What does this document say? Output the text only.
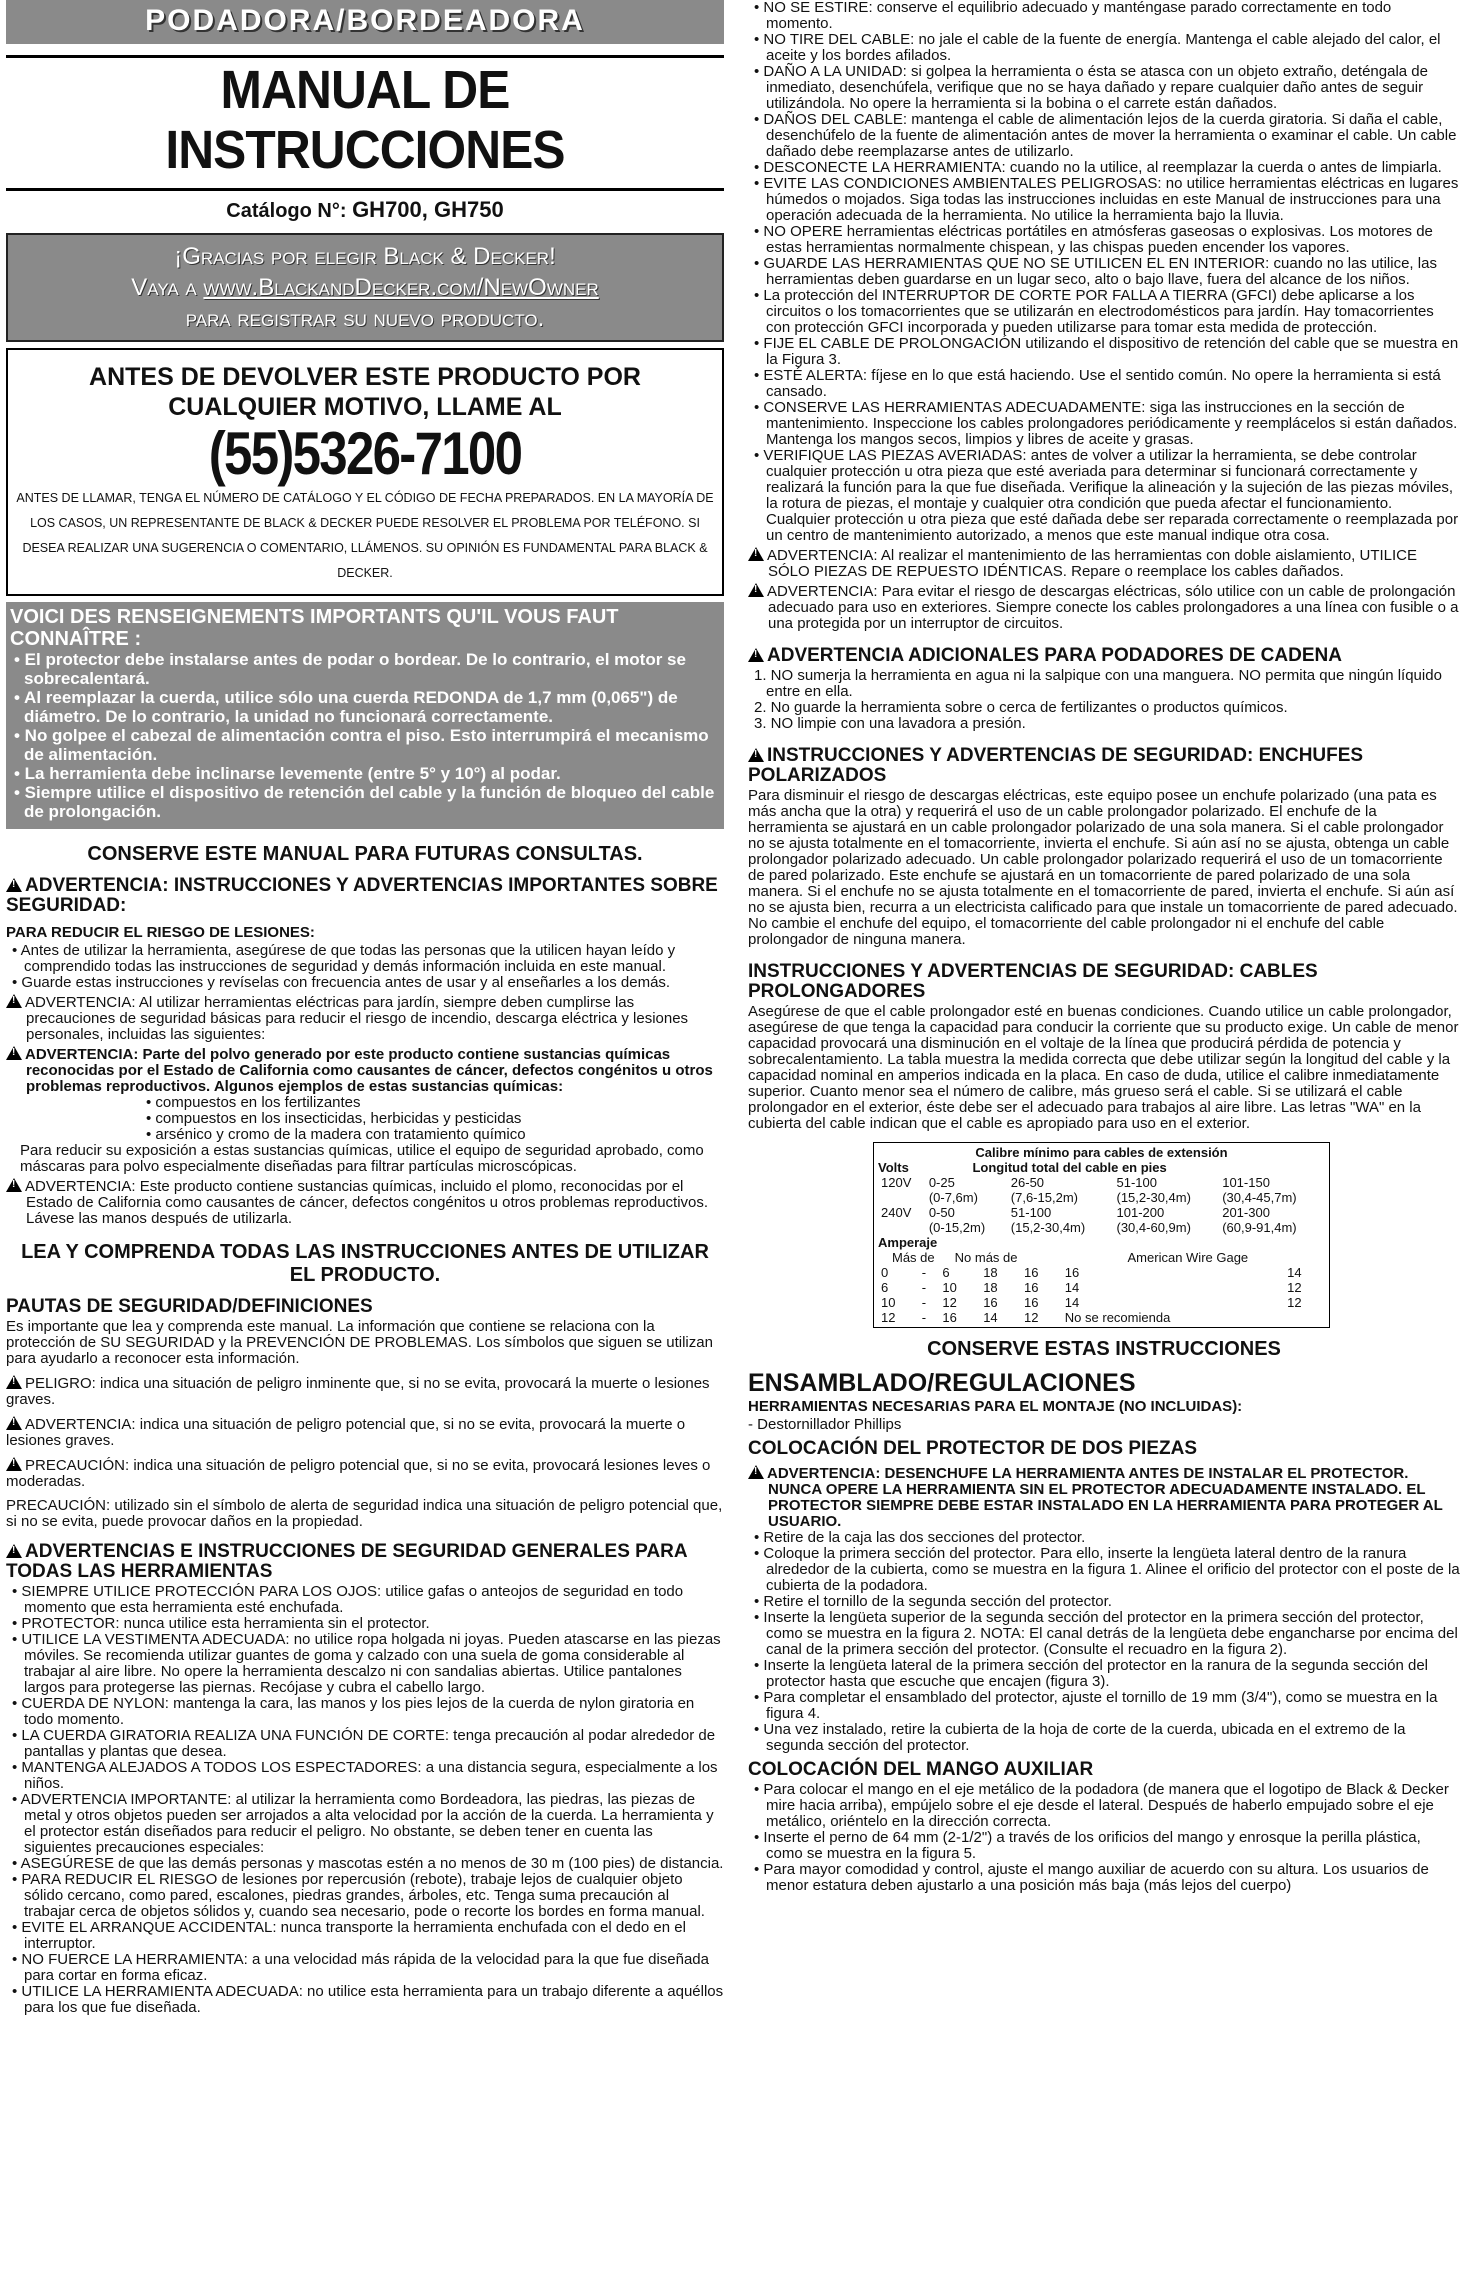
PODADORA/BORDEADORA
MANUAL DE INSTRUCCIONES
Catálogo N°: GH700, GH750
¡Gracias por elegir Black & Decker!
Vaya a www.BlackandDecker.com/NewOwner
para registrar su nuevo producto.
ANTES DE DEVOLVER ESTE PRODUCTO POR CUALQUIER MOTIVO, LLAME AL
(55)5326-7100
ANTES DE LLAMAR, TENGA EL NÚMERO DE CATÁLOGO Y EL CÓDIGO DE FECHA PREPARADOS. EN LA MAYORÍA DE LOS CASOS, UN REPRESENTANTE DE BLACK & DECKER PUEDE RESOLVER EL PROBLEMA POR TELÉFONO. SI DESEA REALIZAR UNA SUGERENCIA O COMENTARIO, LLÁMENOS. SU OPINIÓN ES FUNDAMENTAL PARA BLACK & DECKER.
VOICI DES RENSEIGNEMENTS IMPORTANTS QU'IL VOUS FAUT CONNAÎTRE :
• El protector debe instalarse antes de podar o bordear. De lo contrario, el motor se sobrecalentará.
• Al reemplazar la cuerda, utilice sólo una cuerda REDONDA de 1,7 mm (0,065") de diámetro. De lo contrario, la unidad no funcionará correctamente.
• No golpee el cabezal de alimentación contra el piso. Esto interrumpirá el mecanismo de alimentación.
• La herramienta debe inclinarse levemente (entre 5° y 10°) al podar.
• Siempre utilice el dispositivo de retención del cable y la función de bloqueo del cable de prolongación.
CONSERVE ESTE MANUAL PARA FUTURAS CONSULTAS.
!ADVERTENCIA: INSTRUCCIONES Y ADVERTENCIAS IMPORTANTES SOBRE SEGURIDAD:
PARA REDUCIR EL RIESGO DE LESIONES:
• Antes de utilizar la herramienta, asegúrese de que todas las personas que la utilicen hayan leído y comprendido todas las instrucciones de seguridad y demás información incluida en este manual.
• Guarde estas instrucciones y revíselas con frecuencia antes de usar y al enseñarles a los demás.
!ADVERTENCIA: Al utilizar herramientas eléctricas para jardín, siempre deben cumplirse las precauciones de seguridad básicas para reducir el riesgo de incendio, descarga eléctrica y lesiones personales, incluidas las siguientes:
!ADVERTENCIA: Parte del polvo generado por este producto contiene sustancias químicas reconocidas por el Estado de California como causantes de cáncer, defectos congénitos u otros problemas reproductivos. Algunos ejemplos de estas sustancias químicas:
• compuestos en los fertilizantes
• compuestos en los insecticidas, herbicidas y pesticidas
• arsénico y cromo de la madera con tratamiento químico
Para reducir su exposición a estas sustancias químicas, utilice el equipo de seguridad aprobado, como máscaras para polvo especialmente diseñadas para filtrar partículas microscópicas.
!ADVERTENCIA: Este producto contiene sustancias químicas, incluido el plomo, reconocidas por el Estado de California como causantes de cáncer, defectos congénitos u otros problemas reproductivos. Lávese las manos después de utilizarla.
LEA Y COMPRENDA TODAS LAS INSTRUCCIONES ANTES DE UTILIZAR EL PRODUCTO.
PAUTAS DE SEGURIDAD/DEFINICIONES
Es importante que lea y comprenda este manual. La información que contiene se relaciona con la protección de SU SEGURIDAD y la PREVENCIÓN DE PROBLEMAS. Los símbolos que siguen se utilizan para ayudarlo a reconocer esta información.
!PELIGRO: indica una situación de peligro inminente que, si no se evita, provocará la muerte o lesiones graves.
!ADVERTENCIA: indica una situación de peligro potencial que, si no se evita, provocará la muerte o lesiones graves.
!PRECAUCIÓN: indica una situación de peligro potencial que, si no se evita, provocará lesiones leves o moderadas.
PRECAUCIÓN: utilizado sin el símbolo de alerta de seguridad indica una situación de peligro potencial que, si no se evita, puede provocar daños en la propiedad.
!ADVERTENCIAS E INSTRUCCIONES DE SEGURIDAD GENERALES PARA TODAS LAS HERRAMIENTAS
• SIEMPRE UTILICE PROTECCIÓN PARA LOS OJOS: utilice gafas o anteojos de seguridad en todo momento que esta herramienta esté enchufada.
• PROTECTOR: nunca utilice esta herramienta sin el protector.
• UTILICE LA VESTIMENTA ADECUADA: no utilice ropa holgada ni joyas. Pueden atascarse en las piezas móviles. Se recomienda utilizar guantes de goma y calzado con una suela de goma considerable al trabajar al aire libre. No opere la herramienta descalzo ni con sandalias abiertas. Utilice pantalones largos para protegerse las piernas. Recójase y cubra el cabello largo.
• CUERDA DE NYLON: mantenga la cara, las manos y los pies lejos de la cuerda de nylon giratoria en todo momento.
• LA CUERDA GIRATORIA REALIZA UNA FUNCIÓN DE CORTE: tenga precaución al podar alrededor de pantallas y plantas que desea.
• MANTENGA ALEJADOS A TODOS LOS ESPECTADORES: a una distancia segura, especialmente a los niños.
• ADVERTENCIA IMPORTANTE: al utilizar la herramienta como Bordeadora, las piedras, las piezas de metal y otros objetos pueden ser arrojados a alta velocidad por la acción de la cuerda. La herramienta y el protector están diseñados para reducir el peligro. No obstante, se deben tener en cuenta las siguientes precauciones especiales:
• ASEGÚRESE de que las demás personas y mascotas estén a no menos de 30 m (100 pies) de distancia.
• PARA REDUCIR EL RIESGO de lesiones por repercusión (rebote), trabaje lejos de cualquier objeto sólido cercano, como pared, escalones, piedras grandes, árboles, etc. Tenga suma precaución al trabajar cerca de objetos sólidos y, cuando sea necesario, pode o recorte los bordes en forma manual.
• EVITE EL ARRANQUE ACCIDENTAL: nunca transporte la herramienta enchufada con el dedo en el interruptor.
• NO FUERCE LA HERRAMIENTA: a una velocidad más rápida de la velocidad para la que fue diseñada para cortar en forma eficaz.
• UTILICE LA HERRAMIENTA ADECUADA: no utilice esta herramienta para un trabajo diferente a aquéllos para los que fue diseñada.
• NO SE ESTIRE: conserve el equilibrio adecuado y manténgase parado correctamente en todo momento.
• NO TIRE DEL CABLE: no jale el cable de la fuente de energía. Mantenga el cable alejado del calor, el aceite y los bordes afilados.
• DAÑO A LA UNIDAD: si golpea la herramienta o ésta se atasca con un objeto extraño, deténgala de inmediato, desenchúfela, verifique que no se haya dañado y repare cualquier daño antes de seguir utilizándola. No opere la herramienta si la bobina o el carrete están dañados.
• DAÑOS DEL CABLE: mantenga el cable de alimentación lejos de la cuerda giratoria. Si daña el cable, desenchúfelo de la fuente de alimentación antes de mover la herramienta o examinar el cable. Un cable dañado debe reemplazarse antes de utilizarlo.
• DESCONECTE LA HERRAMIENTA: cuando no la utilice, al reemplazar la cuerda o antes de limpiarla.
• EVITE LAS CONDICIONES AMBIENTALES PELIGROSAS: no utilice herramientas eléctricas en lugares húmedos o mojados. Siga todas las instrucciones incluidas en este Manual de instrucciones para una operación adecuada de la herramienta. No utilice la herramienta bajo la lluvia.
• NO OPERE herramientas eléctricas portátiles en atmósferas gaseosas o explosivas. Los motores de estas herramientas normalmente chispean, y las chispas pueden encender los vapores.
• GUARDE LAS HERRAMIENTAS QUE NO SE UTILICEN EL EN INTERIOR: cuando no las utilice, las herramientas deben guardarse en un lugar seco, alto o bajo llave, fuera del alcance de los niños.
• La protección del INTERRUPTOR DE CORTE POR FALLA A TIERRA (GFCI) debe aplicarse a los circuitos o los tomacorrientes que se utilizarán en electrodomésticos para jardín. Hay tomacorrientes con protección GFCI incorporada y pueden utilizarse para tomar esta medida de protección.
• FIJE EL CABLE DE PROLONGACIÓN utilizando el dispositivo de retención del cable que se muestra en la Figura 3.
• ESTÉ ALERTA: fíjese en lo que está haciendo. Use el sentido común. No opere la herramienta si está cansado.
• CONSERVE LAS HERRAMIENTAS ADECUADAMENTE: siga las instrucciones en la sección de mantenimiento. Inspeccione los cables prolongadores periódicamente y reemplácelos si están dañados. Mantenga los mangos secos, limpios y libres de aceite y grasas.
• VERIFIQUE LAS PIEZAS AVERIADAS: antes de volver a utilizar la herramienta, se debe controlar cualquier protección u otra pieza que esté averiada para determinar si funcionará correctamente y realizará la función para la que fue diseñada. Verifique la alineación y la sujeción de las piezas móviles, la rotura de piezas, el montaje y cualquier otra condición que pueda afectar el funcionamiento. Cualquier protección u otra pieza que esté dañada debe ser reparada correctamente o reemplazada por un centro de mantenimiento autorizado, a menos que este manual indique otra cosa.
!ADVERTENCIA: Al realizar el mantenimiento de las herramientas con doble aislamiento, UTILICE SÓLO PIEZAS DE REPUESTO IDÉNTICAS. Repare o reemplace los cables dañados.
!ADVERTENCIA: Para evitar el riesgo de descargas eléctricas, sólo utilice con un cable de prolongación adecuado para uso en exteriores. Siempre conecte los cables prolongadores a una línea con fusible o a una protegida por un interruptor de circuitos.
!ADVERTENCIA ADICIONALES PARA PODADORES DE CADENA
1. NO sumerja la herramienta en agua ni la salpique con una manguera. NO permita que ningún líquido entre en ella.
2. No guarde la herramienta sobre o cerca de fertilizantes o productos químicos.
3. NO limpie con una lavadora a presión.
!INSTRUCCIONES Y ADVERTENCIAS DE SEGURIDAD: ENCHUFES POLARIZADOS
Para disminuir el riesgo de descargas eléctricas, este equipo posee un enchufe polarizado (una pata es más ancha que la otra) y requerirá el uso de un cable prolongador polarizado. El enchufe de la herramienta se ajustará en un cable prolongador polarizado de una sola manera. Si el cable prolongador no se ajusta totalmente en el tomacorriente, invierta el enchufe. Si aún así no se ajusta, obtenga un cable prolongador polarizado adecuado. Un cable prolongador polarizado requerirá el uso de un tomacorriente de pared polarizado. Este enchufe se ajustará en un tomacorriente de pared polarizado de una sola manera. Si el enchufe no se ajusta totalmente en el tomacorriente de pared, invierta el enchufe. Si aún así no se ajusta bien, recurra a un electricista calificado para que instale un tomacorriente de pared adecuado. No cambie el enchufe del equipo, el tomacorriente del cable prolongador ni el enchufe del cable prolongador de ninguna manera.
INSTRUCCIONES Y ADVERTENCIAS DE SEGURIDAD: CABLES PROLONGADORES
Asegúrese de que el cable prolongador esté en buenas condiciones. Cuando utilice un cable prolongador, asegúrese de que tenga la capacidad para conducir la corriente que su producto exige. Un cable de menor capacidad provocará una disminución en el voltaje de la línea que producirá pérdida de potencia y sobrecalentamiento. La tabla muestra la medida correcta que debe utilizar según la longitud del cable y la capacidad nominal en amperios indicada en la placa. En caso de duda, utilice el calibre inmediatamente superior. Cuanto menor sea el número de calibre, más grueso será el cable. Si se utilizará el cable prolongador en el exterior, éste debe ser el adecuado para trabajos al aire libre. Las letras "WA" en la cubierta del cable indican que el cable es apropiado para uso en el exterior.
Calibre mínimo para cables de extensión
Volts	Longitud total del cable en pies
120V	0-25	26-50	51-100	101-150
	(0-7,6m)	(7,6-15,2m)	(15,2-30,4m)	(30,4-45,7m)
240V	0-50	51-100	101-200	201-300
	(0-15,2m)	(15,2-30,4m)	(30,4-60,9m)	(60,9-91,4m)
Amperaje
Más de No más de	American Wire Gage
0	-	6	18	16	16	14
6	-	10	18	16	14	12
10	-	12	16	16	14	12
12	-	16	14	12	No se recomienda	
CONSERVE ESTAS INSTRUCCIONES
ENSAMBLADO/REGULACIONES
HERRAMIENTAS NECESARIAS PARA EL MONTAJE (NO INCLUIDAS):
- Destornillador Phillips
COLOCACIÓN DEL PROTECTOR DE DOS PIEZAS
!ADVERTENCIA: DESENCHUFE LA HERRAMIENTA ANTES DE INSTALAR EL PROTECTOR. NUNCA OPERE LA HERRAMIENTA SIN EL PROTECTOR ADECUADAMENTE INSTALADO. EL PROTECTOR SIEMPRE DEBE ESTAR INSTALADO EN LA HERRAMIENTA PARA PROTEGER AL USUARIO.
• Retire de la caja las dos secciones del protector.
• Coloque la primera sección del protector. Para ello, inserte la lengüeta lateral dentro de la ranura alrededor de la cubierta, como se muestra en la figura 1. Alinee el orificio del protector con el poste de la cubierta de la podadora.
• Retire el tornillo de la segunda sección del protector.
• Inserte la lengüeta superior de la segunda sección del protector en la primera sección del protector, como se muestra en la figura 2. NOTA: El canal detrás de la lengüeta debe engancharse por encima del canal de la primera sección del protector. (Consulte el recuadro en la figura 2).
• Inserte la lengüeta lateral de la primera sección del protector en la ranura de la segunda sección del protector hasta que escuche que encajen (figura 3).
• Para completar el ensamblado del protector, ajuste el tornillo de 19 mm (3/4"), como se muestra en la figura 4.
• Una vez instalado, retire la cubierta de la hoja de corte de la cuerda, ubicada en el extremo de la segunda sección del protector.
COLOCACIÓN DEL MANGO AUXILIAR
• Para colocar el mango en el eje metálico de la podadora (de manera que el logotipo de Black & Decker mire hacia arriba), empújelo sobre el eje desde el lateral. Después de haberlo empujado sobre el eje metálico, oriéntelo en la dirección correcta.
• Inserte el perno de 64 mm (2-1/2") a través de los orificios del mango y enrosque la perilla plástica, como se muestra en la figura 5.
• Para mayor comodidad y control, ajuste el mango auxiliar de acuerdo con su altura. Los usuarios de menor estatura deben ajustarlo a una posición más baja (más lejos del cuerpo)
